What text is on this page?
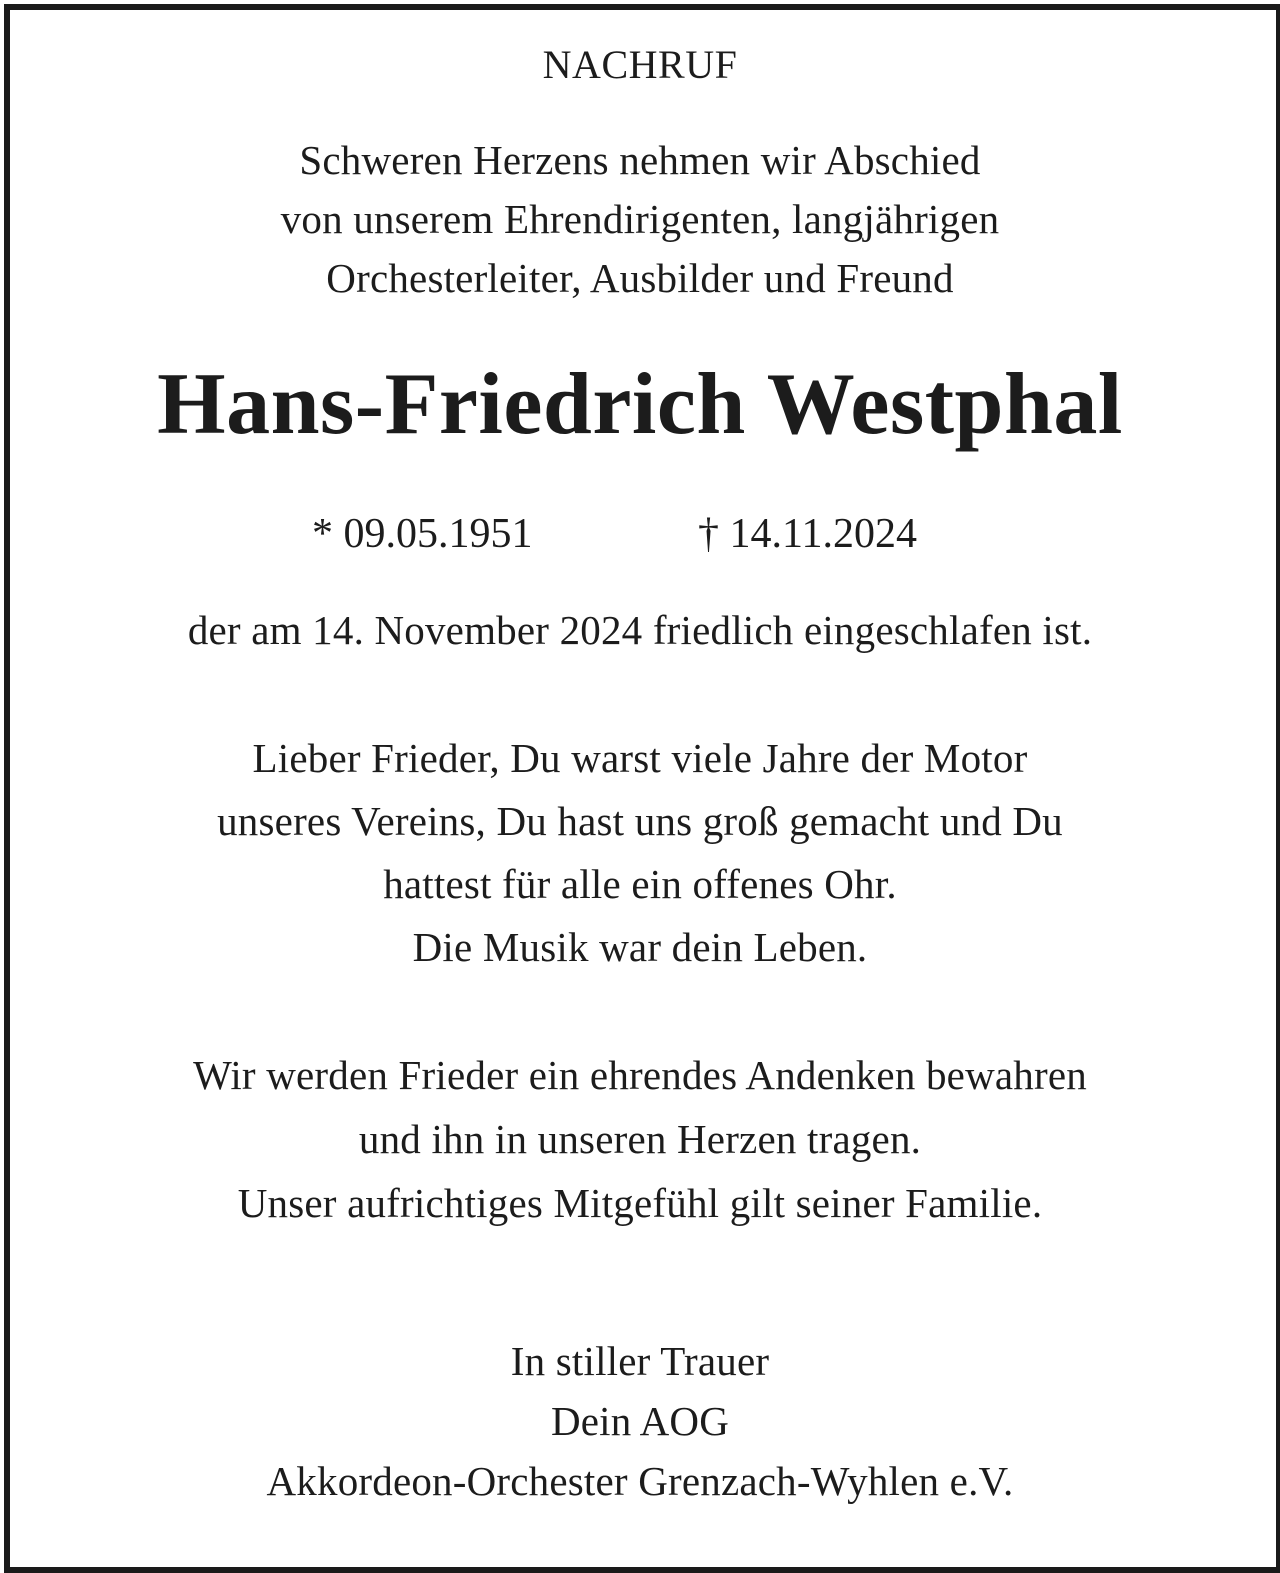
NACHRUF
Schweren Herzens nehmen wir Abschied
von unserem Ehrendirigenten, langjährigen
Orchesterleiter, Ausbilder und Freund
Hans-Friedrich Westphal
* 09.05.1951	† 14.11.2024
der am 14. November 2024 friedlich eingeschlafen ist.
Lieber Frieder, Du warst viele Jahre der Motor
unseres Vereins, Du hast uns groß gemacht und Du
hattest für alle ein offenes Ohr.
Die Musik war dein Leben.
Wir werden Frieder ein ehrendes Andenken bewahren
und ihn in unseren Herzen tragen.
Unser aufrichtiges Mitgefühl gilt seiner Familie.
In stiller Trauer
Dein AOG
Akkordeon-Orchester Grenzach-Wyhlen e.V.
